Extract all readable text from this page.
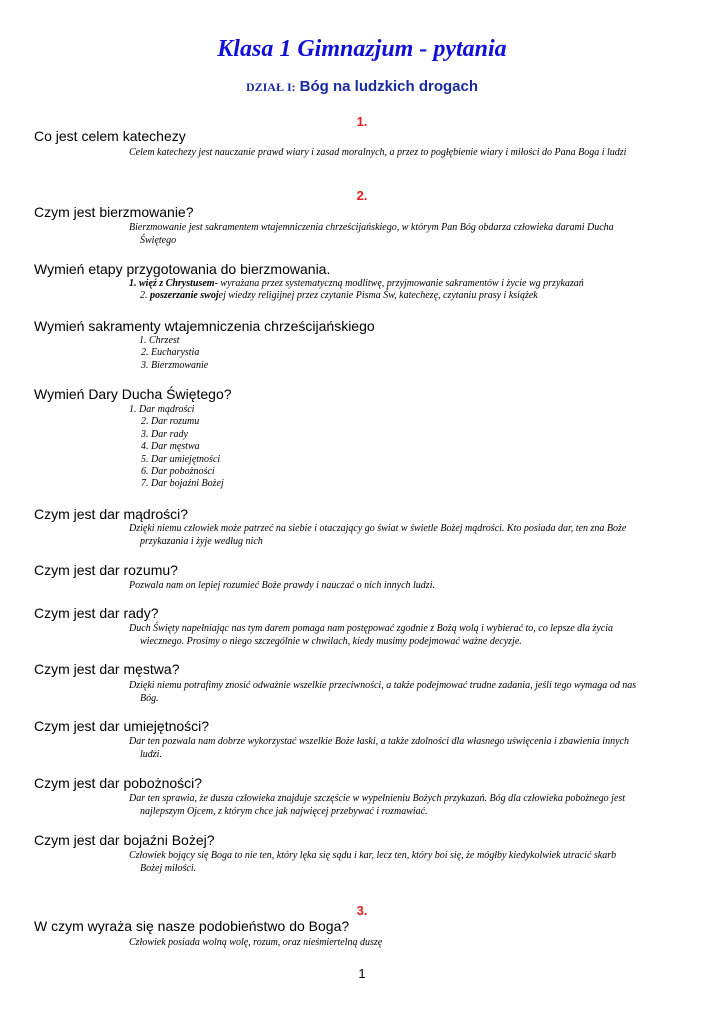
Klasa 1 Gimnazjum - pytania
DZIAŁ I: Bóg na ludzkich drogach
1.
Co jest celem katechezy
Celem katechezy jest nauczanie prawd wiary i zasad moralnych, a przez to pogłębienie wiary i miłości do Pana Boga i ludzi
2.
Czym jest bierzmowanie?
Bierzmowanie jest sakramentem wtajemniczenia chrześcijańskiego, w którym Pan Bóg obdarza człowieka darami Ducha
Świętego
Wymień etapy przygotowania do bierzmowania.
1. więź z Chrystusem- wyrażana przez systematyczną modlitwę, przyjmowanie sakramentów i życie wg przykazań
2. poszerzanie swojej wiedzy religijnej przez czytanie Pisma Św, katechezę, czytaniu prasy i książek
Wymień sakramenty wtajemniczenia chrześcijańskiego
1. Chrzest
2. Eucharystia
3. Bierzmowanie
Wymień Dary Ducha Świętego?
1. Dar mądrości
2. Dar rozumu
3. Dar rady
4. Dar męstwa
5. Dar umiejętności
6. Dar pobożności
7. Dar bojaźni Bożej
Czym jest dar mądrości?
Dzięki niemu człowiek może patrzeć na siebie i otaczający go świat w świetle Bożej mądrości. Kto posiada dar, ten zna Boże
przykazania i żyje według nich
Czym jest dar rozumu?
Pozwala nam on lepiej rozumieć Boże prawdy i nauczać o nich innych ludzi.
Czym jest dar rady?
Duch Święty napełniając nas tym darem pomaga nam postępować zgodnie z Bożą wolą i wybierać to, co lepsze dla życia
wiecznego. Prosimy o niego szczególnie w chwilach, kiedy musimy podejmować ważne decyzje.
Czym jest dar męstwa?
Dzięki niemu potrafimy znosić odważnie wszelkie przeciwności, a także podejmować trudne zadania, jeśli tego wymaga od nas
Bóg.
Czym jest dar umiejętności?
Dar ten pozwala nam dobrze wykorzystać wszelkie Boże łaski, a także zdolności dla własnego uświęcenia i zbawienia innych
ludzi.
Czym jest dar pobożności?
Dar ten sprawia, że dusza człowieka znajduje szczęście w wypełnieniu Bożych przykazań. Bóg dla człowieka pobożnego jest
najlepszym Ojcem, z którym chce jak najwięcej przebywać i rozmawiać.
Czym jest dar bojaźni Bożej?
Człowiek bojący się Boga to nie ten, który lęka się sądu i kar, lecz ten, który boi się, że mógłby kiedykolwiek utracić skarb
Bożej miłości.
3.
W czym wyraża się nasze podobieństwo do Boga?
Człowiek posiada wolną wolę, rozum, oraz nieśmiertelną duszę
1
